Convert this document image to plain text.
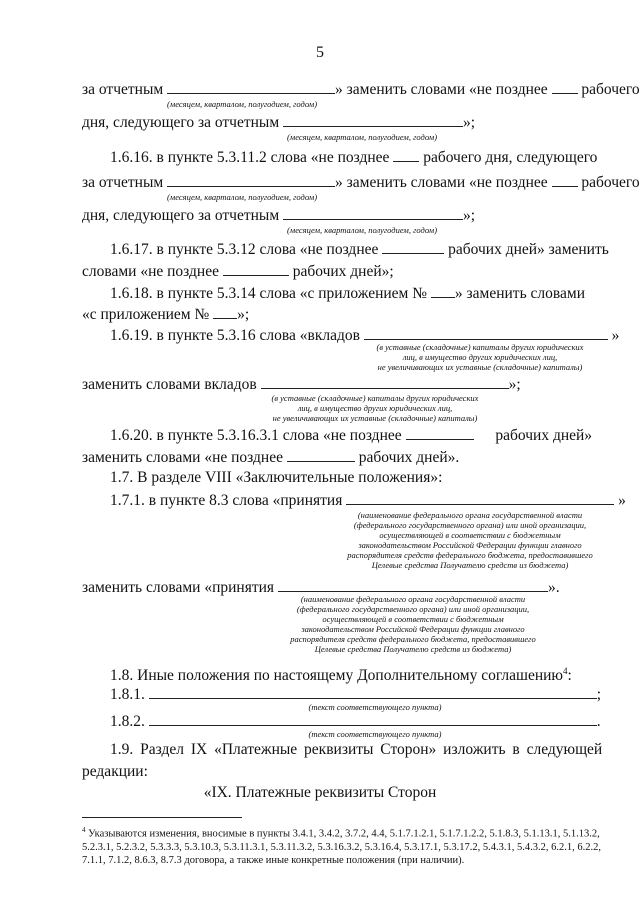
5
за отчетным	» заменить словами «не позднее рабочего
(месяцем, кварталом, полугодием, годом)
дня, следующего за отчетным	»;
(месяцем, кварталом, полугодием, годом)
1.6.16. в пункте 5.3.11.2 слова «не позднее рабочего дня, следующего
за отчетным	» заменить словами «не позднее рабочего
(месяцем, кварталом, полугодием, годом)
дня, следующего за отчетным	»;
(месяцем, кварталом, полугодием, годом)
1.6.17. в пункте 5.3.12 слова «не позднее	рабочих дней» заменить
словами «не позднее	рабочих дней»;
1.6.18. в пункте 5.3.14 слова «с приложением № » заменить словами
«с приложением № »;
1.6.19. в пункте 5.3.16 слова «вкладов	»
(в уставные (складочные) капиталы других юридических
лиц, в имущество других юридических лиц,
не увеличивающих их уставные (складочные) капиталы)
заменить словами вкладов	»;
(в уставные (складочные) капиталы других юридических
лиц, в имущество других юридических лиц,
не увеличивающих их уставные (складочные) капиталы)
1.6.20. в пункте 5.3.16.3.1 слова «не позднее	рабочих дней»
заменить словами «не позднее	рабочих дней».
1.7. В разделе VIII «Заключительные положения»:
1.7.1. в пункте 8.3 слова «принятия	»
(наименование федерального органа государственной власти
(федерального государственного органа) или иной организации,
осуществляющей в соответствии с бюджетным
законодательством Российской Федерации функции главного
распорядителя средств федерального бюджета, предоставившего
Целевые средства Получателю средств из бюджета)
заменить словами «принятия	».
(наименование федерального органа государственной власти
(федерального государственного органа) или иной организации,
осуществляющей в соответствии с бюджетным
законодательством Российской Федерации функции главного
распорядителя средств федерального бюджета, предоставившего
Целевые средства Получателю средств из бюджета)
1.8. Иные положения по настоящему Дополнительному соглашению$^4$:
1.8.1.	;
(текст соответствующего пункта)
1.8.2.	.
(текст соответствующего пункта)
1.9. Раздел IX «Платежные реквизиты Сторон» изложить в следующей
редакции:
«IX. Платежные реквизиты Сторон
$^4$ Указываются изменения, вносимые в пункты 3.4.1, 3.4.2, 3.7.2, 4.4, 5.1.7.1.2.1, 5.1.7.1.2.2, 5.1.8.3, 5.1.13.1, 5.1.13.2, 5.2.3.1, 5.2.3.2, 5.3.3.3, 5.3.10.3, 5.3.11.3.1, 5.3.11.3.2, 5.3.16.3.2, 5.3.16.4, 5.3.17.1, 5.3.17.2, 5.4.3.1, 5.4.3.2, 6.2.1, 6.2.2, 7.1.1, 7.1.2, 8.6.3, 8.7.3 договора, а также иные конкретные положения (при наличии).
